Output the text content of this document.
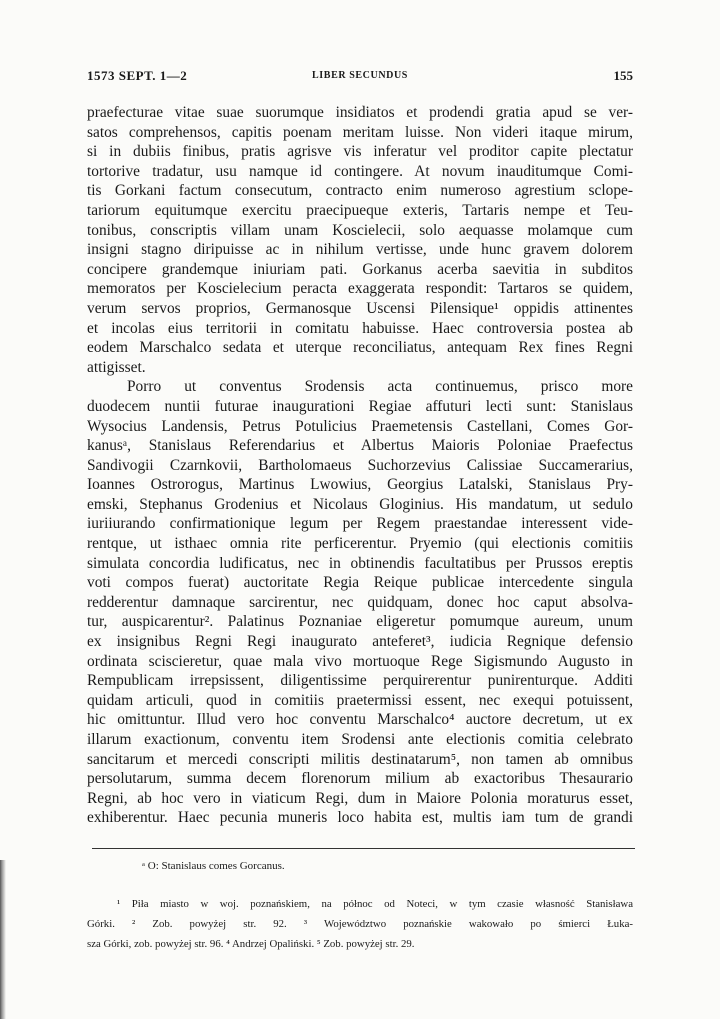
1573 SEPT. 1—2	LIBER SECUNDUS	155
praefecturae vitae suae suorumque insidiatos et prodendi gratia apud se ver-
satos comprehensos, capitis poenam meritam luisse. Non videri itaque mirum,
si in dubiis finibus, pratis agrisve vis inferatur vel proditor capite plectatur
tortorive tradatur, usu namque id contingere. At novum inauditumque Comi-
tis Gorkani factum consecutum, contracto enim numeroso agrestium sclope-
tariorum equitumque exercitu praecipueque exteris, Tartaris nempe et Teu-
tonibus, conscriptis villam unam Koscielecii, solo aequasse molamque cum
insigni stagno diripuisse ac in nihilum vertisse, unde hunc gravem dolorem
concipere grandemque iniuriam pati. Gorkanus acerba saevitia in subditos
memoratos per Koscielecium peracta exaggerata respondit: Tartaros se quidem,
verum servos proprios, Germanosque Uscensi Pilensique¹ oppidis attinentes
et incolas eius territorii in comitatu habuisse. Haec controversia postea ab
eodem Marschalco sedata et uterque reconciliatus, antequam Rex fines Regni
attigisset.
Porro ut conventus Srodensis acta continuemus, prisco more
duodecem nuntii futurae inaugurationi Regiae affuturi lecti sunt: Stanislaus
Wysocius Landensis, Petrus Potulicius Praemetensis Castellani, Comes Gor-
kanusᵃ, Stanislaus Referendarius et Albertus Maioris Poloniae Praefectus
Sandivogii Czarnkovii, Bartholomaeus Suchorzevius Calissiae Succamerarius,
Ioannes Ostrorogus, Martinus Lwowius, Georgius Latalski, Stanislaus Pry-
emski, Stephanus Grodenius et Nicolaus Gloginius. His mandatum, ut sedulo
iuriiurando confirmationique legum per Regem praestandae interessent vide-
rentque, ut isthaec omnia rite perficerentur. Pryemio (qui electionis comitiis
simulata concordia ludificatus, nec in obtinendis facultatibus per Prussos ereptis
voti compos fuerat) auctoritate Regia Reique publicae intercedente singula
redderentur damnaque sarcirentur, nec quidquam, donec hoc caput absolva-
tur, auspicarentur². Palatinus Poznaniae eligeretur pomumque aureum, unum
ex insignibus Regni Regi inaugurato anteferet³, iudicia Regnique defensio
ordinata sciscieretur, quae mala vivo mortuoque Rege Sigismundo Augusto in
Rempublicam irrepsissent, diligentissime perquirerentur punirenturque. Additi
quidam articuli, quod in comitiis praetermissi essent, nec exequi potuissent,
hic omittuntur. Illud vero hoc conventu Marschalco⁴ auctore decretum, ut ex
illarum exactionum, conventu item Srodensi ante electionis comitia celebrato
sancitarum et mercedi conscripti militis destinatarum⁵, non tamen ab omnibus
persolutarum, summa decem florenorum milium ab exactoribus Thesaurario
Regni, ab hoc vero in viaticum Regi, dum in Maiore Polonia moraturus esset,
exhiberentur. Haec pecunia muneris loco habita est, multis iam tum de grandi
ᵃ O: Stanislaus comes Gorcanus.
¹ Piła miasto w woj. poznańskiem, na północ od Noteci, w tym czasie własność Stanisława
Górki. ² Zob. powyżej str. 92. ³ Województwo poznańskie wakowało po śmierci Łuka-
sza Górki, zob. powyżej str. 96. ⁴ Andrzej Opaliński. ⁵ Zob. powyżej str. 29.
